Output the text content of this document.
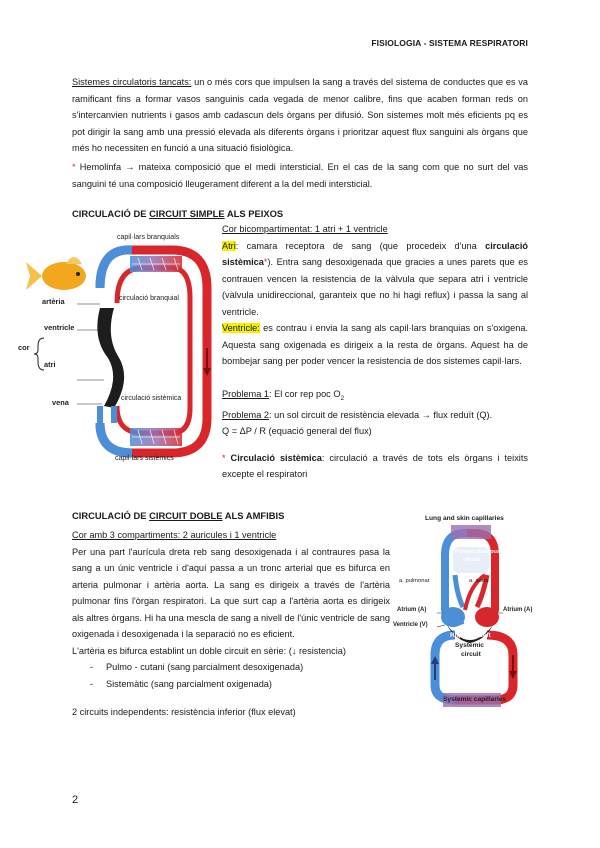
FISIOLOGIA - SISTEMA RESPIRATORI
Sistemes circulatoris tancats: un o més cors que impulsen la sang a través del sistema de conductes que es va ramificant fins a formar vasos sanguinis cada vegada de menor calibre, fins que acaben forman reds on s'intercanvien nutrients i gasos amb cadascun dels òrgans per difusió. Son sistemes molt més eficients pq es pot dirigir la sang amb una pressió elevada als diferents òrgans i prioritzar aquest flux sanguini als òrgans que més ho necessiten en funció a una situació fisiològica.
* Hemolinfa → mateixa composició que el medi intersticial. En el cas de la sang com que no surt del vas sanguini té una composició lleugerament diferent a la del medi intersticial.
CIRCULACIÓ DE CIRCUIT SIMPLE ALS PEIXOS
capil·lars branquials
circulació branquial
circulació sistèmica
capil·lars sistèmics
artèria
ventricle
cor
atri
vena
Cor bicompartimentat: 1 atri + 1 ventricle
Atri: camara receptora de sang (que procedeix d'una circulació sistèmica*). Entra sang desoxigenada que gracies a unes parets que es contrauen vencen la resistencia de la vàlvula que separa atri i ventricle (vàlvula unidireccional, garanteix que no hi hagi reflux) i passa la sang al ventricle.
Ventricle: es contrau i envia la sang als capil·lars branquias on s'oxigena. Aquesta sang oxigenada es dirigeix a la resta de òrgans. Aquest ha de bombejar sang per poder vencer la resistencia de dos sistemes capil·lars.
Problema 1: El cor rep poc $O_2$
Problema 2: un sol circuit de resistència elevada → flux reduït (Q).
Q = ΔP / R (equació general del flux)
* Circulació sistèmica: circulació a través de tots els òrgans i teixits excepte el respiratori
CIRCULACIÓ DE CIRCUIT DOBLE ALS AMFIBIS
Cor amb 3 compartiments: 2 auricules i 1 ventricle
Per una part l'aurícula dreta reb sang desoxigenada i al contraures pasa la sang a un únic ventricle i d'aquí passa a un tronc arterial que es bifurca en arteria pulmonar i artèria aorta. La sang es dirigeix a través de l'artèria pulmonar fins l'òrgan respiratori. La que surt cap a l'artèria aorta es dirigeix als altres òrgans. Hi ha una mescla de sang a nivell de l'únic ventricle de sang oxigenada i desoxigenada i la separació no es eficient.
L'artèria es bifurca establint un doble circuit en sèrie: (↓ resistencia)
- Pulmo - cutani (sang parcialment desoxigenada)
- Sistemàtic (sang parcialment oxigenada)
2 circuits independents: resistència inferior (flux elevat)
Lung and skin capillaries
Pulmocutaneous
circuit
a. pulmonar	a. aorta
Atrium (A)	Atrium (A)
Ventricle (V)
Right Left
Systemic
circuit
Systemic capillaries
2
